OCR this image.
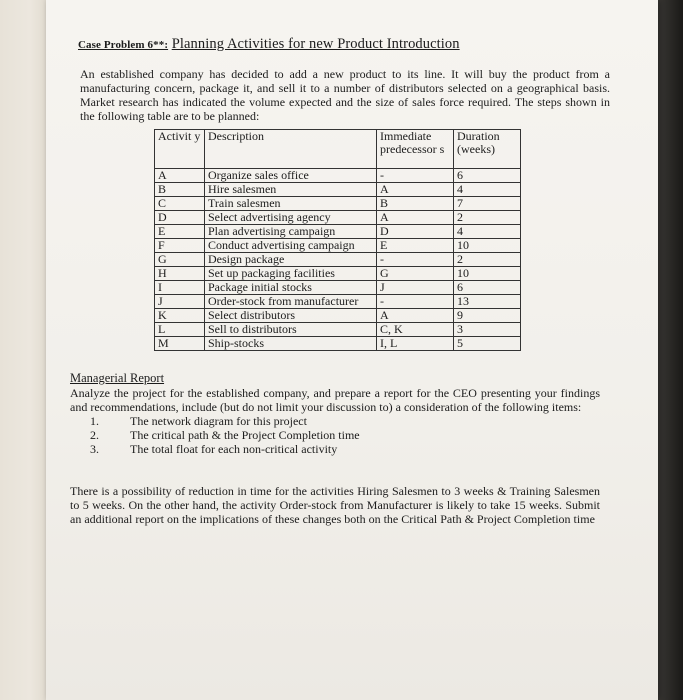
Case Problem 6**: Planning Activities for new Product Introduction

An established company has decided to add a new product to its line. It will buy the product from a manufacturing concern, package it, and sell it to a number of distributors selected on a geographical basis. Market research has indicated the volume expected and the size of sales force required. The steps shown in the following table are to be planned:

Activit y	Description	Immediate predecessor s	Duration (weeks)
A	Organize sales office	-	6
B	Hire salesmen	A	4
C	Train salesmen	B	7
D	Select advertising agency	A	2
E	Plan advertising campaign	D	4
F	Conduct advertising campaign	E	10
G	Design package	-	2
H	Set up packaging facilities	G	10
I	Package initial stocks	J	6
J	Order-stock from manufacturer	-	13
K	Select distributors	A	9
L	Sell to distributors	C, K	3
M	Ship-stocks	I, L	5
Managerial Report
Analyze the project for the established company, and prepare a report for the CEO presenting your findings and recommendations, include (but do not limit your discussion to) a consideration of the following items:
1.	The network diagram for this project
2.	The critical path & the Project Completion time
3.	The total float for each non-critical activity

There is a possibility of reduction in time for the activities Hiring Salesmen to 3 weeks & Training Salesmen to 5 weeks. On the other hand, the activity Order-stock from Manufacturer is likely to take 15 weeks. Submit an additional report on the implications of these changes both on the Critical Path & Project Completion time
